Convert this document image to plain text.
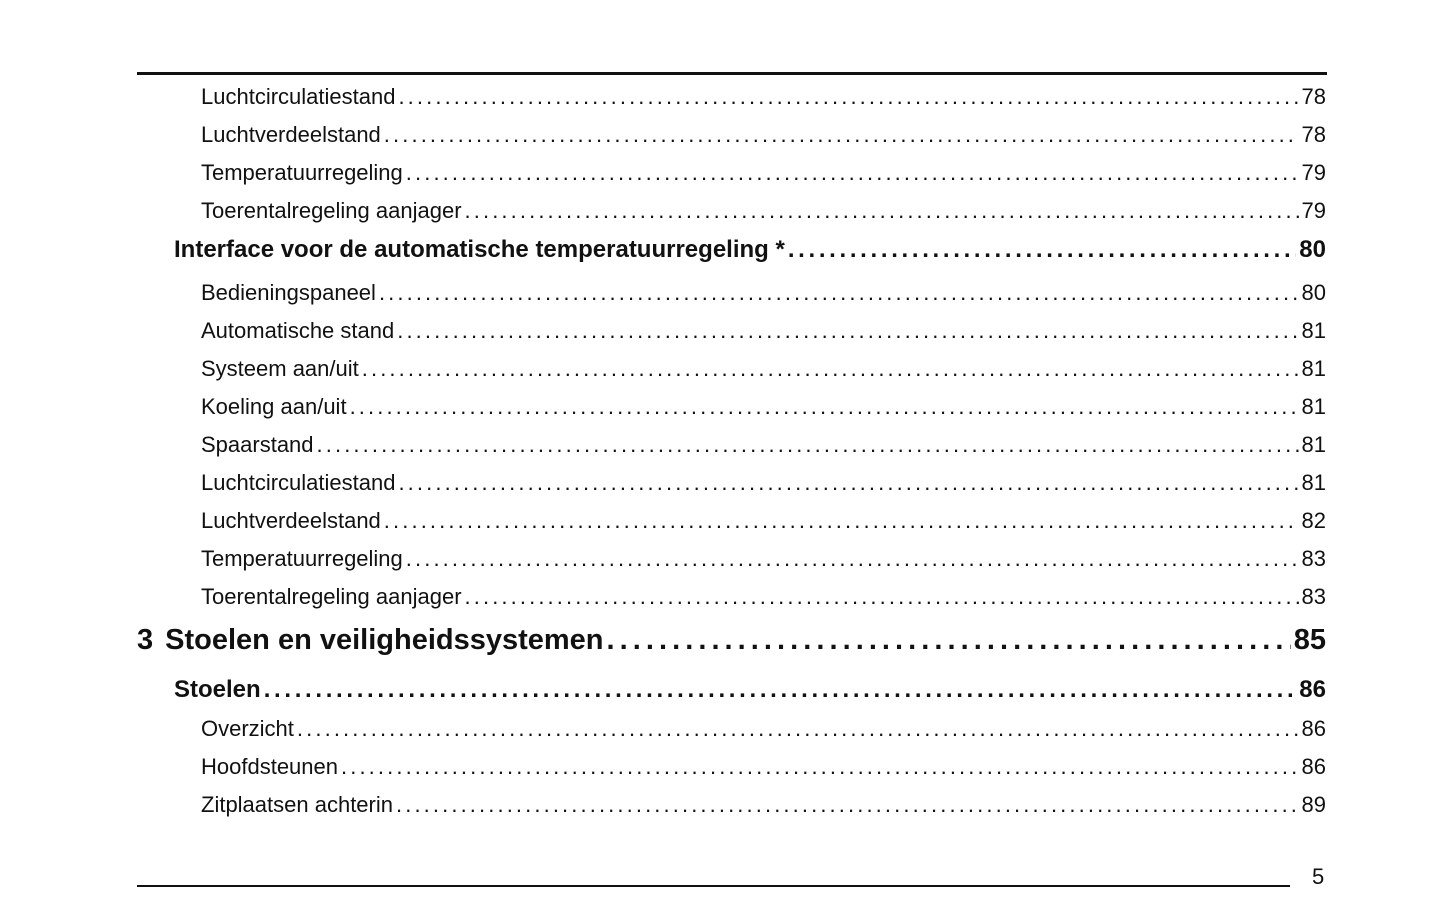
Luchtcirculatiestand . . .	78
Luchtverdeelstand . . .	78
Temperatuurregeling . . .	79
Toerentalregeling aanjager . . .	79
Interface voor de automatische temperatuurregeling * . . .	80
Bedieningspaneel . . .	80
Automatische stand . . .	81
Systeem aan/uit . . .	81
Koeling aan/uit . . .	81
Spaarstand . . .	81
Luchtcirculatiestand . . .	81
Luchtverdeelstand . . .	82
Temperatuurregeling . . .	83
Toerentalregeling aanjager . . .	83
3 Stoelen en veiligheidssystemen . . .	85
Stoelen . . .	86
Overzicht . . .	86
Hoofdsteunen . . .	86
Zitplaatsen achterin . . .	89
5
